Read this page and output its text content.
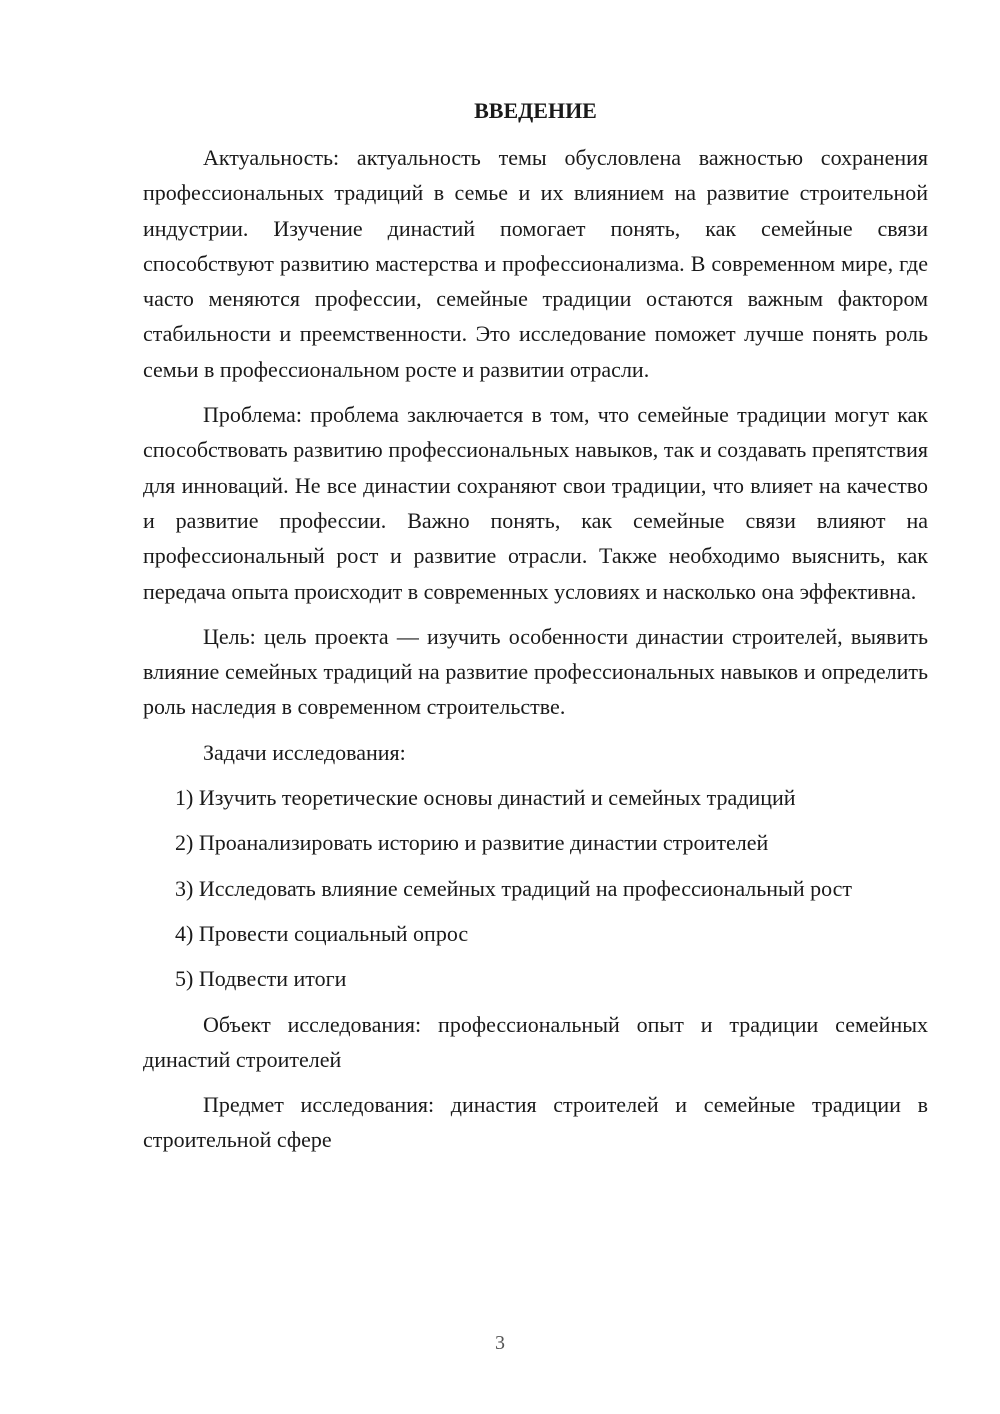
ВВЕДЕНИЕ

Актуальность: актуальность темы обусловлена важностью сохранения профессиональных традиций в семье и их влиянием на развитие строительной индустрии. Изучение династий помогает понять, как семейные связи способствуют развитию мастерства и профессионализма. В современном мире, где часто меняются профессии, семейные традиции остаются важным фактором стабильности и преемственности. Это исследование поможет лучше понять роль семьи в профессиональном росте и развитии отрасли.

Проблема: проблема заключается в том, что семейные традиции могут как способствовать развитию профессиональных навыков, так и создавать препятствия для инноваций. Не все династии сохраняют свои традиции, что влияет на качество и развитие профессии. Важно понять, как семейные связи влияют на профессиональный рост и развитие отрасли. Также необходимо выяснить, как передача опыта происходит в современных условиях и насколько она эффективна.

Цель: цель проекта — изучить особенности династии строителей, выявить влияние семейных традиций на развитие профессиональных навыков и определить роль наследия в современном строительстве.

Задачи исследования:

1) Изучить теоретические основы династий и семейных традиций

2) Проанализировать историю и развитие династии строителей

3) Исследовать влияние семейных традиций на профессиональный рост

4) Провести социальный опрос

5) Подвести итоги

Объект исследования: профессиональный опыт и традиции семейных династий строителей

Предмет исследования: династия строителей и семейные традиции в строительной сфере

3
